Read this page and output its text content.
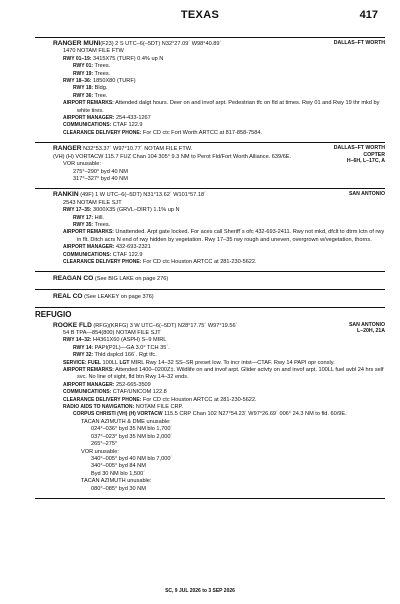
TEXAS	417
DALLAS–FT WORTH
RANGER MUNI(F23) 2 S UTC–6(–5DT) N32°27.09´ W98°40.89´
1470 NOTAM FILE FTW
RWY 01–19: 3415X75 (TURF) 0.4% up N
RWY 01: Trees.
RWY 19: Trees.
RWY 18–36: 1850X80 (TURF)
RWY 18: Bldg.
RWY 36: Tree.
AIRPORT REMARKS: Attended dalgt hours. Deer on and invof arpt. Pedestrian tfc on fld at times. Rwy 01 and Rwy 19 thr mkd by white tires.
AIRPORT MANAGER: 254-433-1267
COMMUNICATIONS: CTAF 122.9
CLEARANCE DELIVERY PHONE: For CD ctc Fort Worth ARTCC at 817-858-7584.
DALLAS–FT WORTH
COPTER
H–6H, L–17C, A
RANGER N32°53.37´ W97°10.77´ NOTAM FILE FTW.
(VH) (H) VORTACW 115.7 FUZ Chan 104 305° 9.3 NM to Perot Fld/Fort Worth Alliance. 639/6E.
VOR unusable:
275°–290° byd 40 NM
317°–327° byd 40 NM
SAN ANTONIO
RANKIN (49F) 1 W UTC–6(–5DT) N31°13.62´ W101°57.18´
2543 NOTAM FILE SJT
RWY 17–35: 3000X35 (GRVL–DIRT) 1.1% up N
RWY 17: Hill.
RWY 35: Trees.
AIRPORT REMARKS: Unattended. Arpt gate locked. For aces call Sheriff´s ofc 432-693-2411. Rwy not mkd, dfclt to dtrm lctn of rwy in flt. Ditch acrs N end of rwy hidden by vegetation. Rwy 17–35 rwy rough and uneven, overgrown w/vegetation, thorns.
AIRPORT MANAGER: 432-693-2321
COMMUNICATIONS: CTAF 122.9
CLEARANCE DELIVERY PHONE: For CD ctc Houston ARTCC at 281-230-5622.
REAGAN CO (See BIG LAKE on page 276)
REAL CO (See LEAKEY on page 376)
REFUGIO
SAN ANTONIO
L–20H, 21A
ROOKE FLD (RFG)(KRFG) 3 W UTC–6(–5DT) N28°17.75´ W97°19.56´
54 B TPA—854(800) NOTAM FILE SJT
RWY 14–32: H4361X60 (ASPH) S–9 MIRL
RWY 14: PAPI(P2L)—GA 3.0° TCH 35´.
RWY 32: Thld dsplcd 166´. Rgt tfc.
SERVICE: FUEL 100LL LGT MIRL Rwy 14–32 SS–SR preset low. To incr intst—CTAF. Rwy 14 PAPI opr consly.
AIRPORT REMARKS: Attended 1400–0200Z‡. Wildlife on and invof arpt. Glider actvty on and invof arpt. 100LL fuel avbl 24 hrs self svc. No line of sight, fld btn Rwy 14–32 ends.
AIRPORT MANAGER: 252-665-3509
COMMUNICATIONS: CTAF/UNICOM 122.8
CLEARANCE DELIVERY PHONE: For CD ctc Houston ARTCC at 281-230-5622.
RADIO AIDS TO NAVIGATION: NOTAM FILE CRP.
CORPUS CHRISTI (VH) (H) VORTACW 115.5 CRP Chan 102 N27°54.23´ W97°26.69´ 006° 24.3 NM to fld. 60/9E.
TACAN AZIMUTH & DME unusable:
024°–036° byd 35 NM blo 1,700´
037°–023° byd 35 NM blo 2,000´
265°–275°
VOR unusable:
340°–005° byd 40 NM blo 7,000´
340°–005° byd 84 NM
Byd 30 NM blo 1,500´
TACAN AZIMUTH unusable:
080°–085° byd 30 NM
SC, 9 JUL 2026 to 3 SEP 2026
